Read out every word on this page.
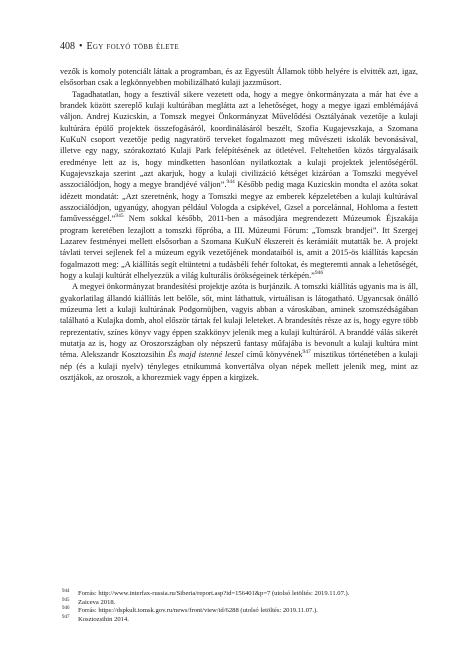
408 • Egy folyó több élete

vezők is komoly potenciált láttak a programban, és az Egyesült Államok több helyére is elvitték azt, igaz, elsősorban csak a legkönnyebben mobilizálható kulaji jazzműsort.

Tagadhatatlan, hogy a fesztivál sikere vezetett oda, hogy a megye önkormányzata a már hat éve a brandek között szereplő kulaji kultúrában meglátta azt a lehetőséget, hogy a megye igazi emblémájává váljon. Andrej Kuzicskin, a Tomszk megyei Önkormányzat Művelődési Osztályának vezetője a kulaji kultúrára épülő projektek összefogásáról, koordinálásáról beszélt, Szofia Kugajevszkaja, a Szomana KuKuN csoport vezetője pedig nagyratörő terveket fogalmazott meg művészeti iskolák bevonásával, illetve egy nagy, szórakoztató Kulaji Park felépítésének az ötletével. Feltehetően közös tárgyalásaik eredménye lett az is, hogy mindketten hasonlóan nyilatkoztak a kulaji projektek jelentőségéről. Kugajevszkaja szerint „azt akarjuk, hogy a kulaji civilizáció kétséget kizáróan a Tomszki megyével asszociálódjon, hogy a megye brandjévé váljon”.$^{944}$ Később pedig maga Kuzicskin mondta el azóta sokat idézett mondatát: „Azt szeretnénk, hogy a Tomszki megye az emberek képzeletében a kulaji kultúrával asszociálódjon, ugyanúgy, ahogyan például Vologda a csipkével, Gzsel a porcelánnal, Hohloma a festett faművességgel.”$^{945}$ Nem sokkal később, 2011-ben a másodjára megrendezett Múzeumok Éjszakája program keretében lezajlott a tomszki főpróba, a III. Múzeumi Fórum: „Tomszk brandjei”. Itt Szergej Lazarev festményei mellett elsősorban a Szomana KuKuN ékszereit és kerámiáit mutatták be. A projekt távlati tervei sejlenek fel a múzeum egyik vezetőjének mondataiból is, amit a 2015-ös kiállítás kapcsán fogalmazott meg: „A kiállítás segít eltüntetni a tudásbéli fehér foltokat, és megteremti annak a lehetőségét, hogy a kulaji kultúrát elhelyezzük a világ kulturális örökségeinek térképén.”$^{946}$

A megyei önkormányzat brandesítési projektje azóta is burjánzik. A tomszki kiállítás ugyanis ma is áll, gyakorlatilag állandó kiállítás lett belőle, sőt, mint láthattuk, virtuálisan is látogatható. Ugyancsak önálló múzeuma lett a kulaji kultúrának Podgornüjben, vagyis abban a városkában, aminek szomszédságában található a Kulajka domb, ahol először tártak fel kulaji leleteket. A brandesítés része az is, hogy egyre több reprezentatív, színes könyv vagy éppen szakkönyv jelenik meg a kulaji kultúráról. A branddé válás sikerét mutatja az is, hogy az Oroszországban oly népszerű fantasy műfajába is bevonult a kulaji kultúra mint téma. Alekszandr Kosztozsihin És majd istenné leszel című könyvének$^{947}$ misztikus történetében a kulaji nép (és a kulaji nyelv) tényleges etnikummá konvertálva olyan népek mellett jelenik meg, mint az osztjákok, az oroszok, a khorezmiek vagy éppen a kirgizek.

944 Forrás: http://www.interfax-russia.ru/Siberia/report.asp?id=156401&p=7 (utolsó letöltés: 2019.11.07.).
945 Zaiceva 2018.
946 Forrás: https://dspkult.tomsk.gov.ru/news/front/view/id/6288 (utolsó letöltés: 2019.11.07.).
947 Kosztozsihin 2014.
